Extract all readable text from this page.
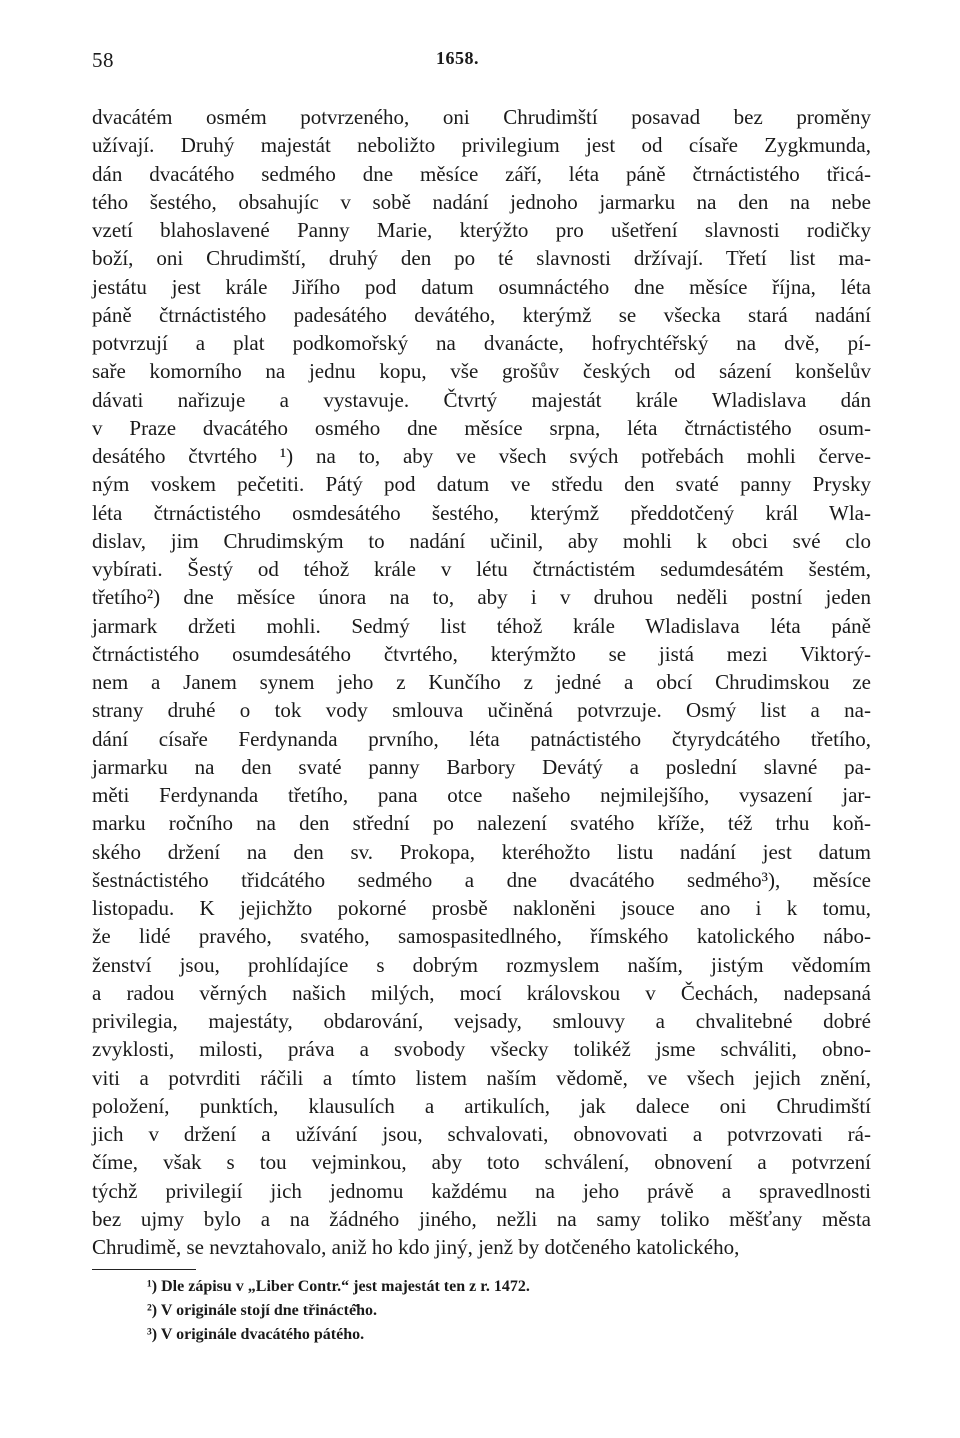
58	1658.
dvacátém osmém potvrzeného, oni Chrudimští posavad bez proměny
užívají. Druhý majestát neboližto privilegium jest od císaře Zygkmunda,
dán dvacátého sedmého dne měsíce září, léta páně čtrnáctistého třicá-
tého šestého, obsahujíc v sobě nadání jednoho jarmarku na den na nebe
vzetí blahoslavené Panny Marie, kterýžto pro ušetření slavnosti rodičky
boží, oni Chrudimští, druhý den po té slavnosti držívají. Třetí list ma-
jestátu jest krále Jiřího pod datum osumnáctého dne měsíce října, léta
páně čtrnáctistého padesátého devátého, kterýmž se všecka stará nadání
potvrzují a plat podkomořský na dvanácte, hofrychtéřský na dvě, pí-
saře komorního na jednu kopu, vše grošův českých od sázení konšelův
dávati nařizuje a vystavuje. Čtvrtý majestát krále Wladislava dán
v Praze dvacátého osmého dne měsíce srpna, léta čtrnáctistého osum-
desátého čtvrtého ¹) na to, aby ve všech svých potřebách mohli červe-
ným voskem pečetiti. Pátý pod datum ve středu den svaté panny Prysky
léta čtrnáctistého osmdesátého šestého, kterýmž předdotčený král Wla-
dislav, jim Chrudimským to nadání učinil, aby mohli k obci své clo
vybírati. Šestý od téhož krále v létu čtrnáctistém sedumdesátém šestém,
třetího²) dne měsíce února na to, aby i v druhou neděli postní jeden
jarmark držeti mohli. Sedmý list téhož krále Wladislava léta páně
čtrnáctistého osumdesátého čtvrtého, kterýmžto se jistá mezi Viktorý-
nem a Janem synem jeho z Kunčího z jedné a obcí Chrudimskou ze
strany druhé o tok vody smlouva učiněná potvrzuje. Osmý list a na-
dání císaře Ferdynanda prvního, léta patnáctistého čtyrydcátého třetího,
jarmarku na den svaté panny Barbory Devátý a poslední slavné pa-
měti Ferdynanda třetího, pana otce našeho nejmilejšího, vysazení jar-
marku ročního na den střední po nalezení svatého kříže, též trhu koň-
ského držení na den sv. Prokopa, kteréhožto listu nadání jest datum
šestnáctistého třidcátého sedmého a dne dvacátého sedmého³), měsíce
listopadu. K jejichžto pokorné prosbě nakloněni jsouce ano i k tomu,
že lidé pravého, svatého, samospasitedlného, římského katolického nábo-
ženství jsou, prohlídajíce s dobrým rozmyslem naším, jistým vědomím
a radou věrných našich milých, mocí královskou v Čechách, nadepsaná
privilegia, majestáty, obdarování, vejsady, smlouvy a chvalitebné dobré
zvyklosti, milosti, práva a svobody všecky tolikéž jsme schváliti, obno-
viti a potvrditi ráčili a tímto listem naším vědomě, ve všech jejich znění,
položení, punktích, klausulích a artikulích, jak dalece oni Chrudimští
jich v držení a užívání jsou, schvalovati, obnovovati a potvrzovati rá-
číme, však s tou vejminkou, aby toto schválení, obnovení a potvrzení
týchž privilegií jich jednomu každému na jeho právě a spravedlnosti
bez ujmy bylo a na žádného jiného, nežli na samy toliko měšťany města
Chrudimě, se nevztahovalo, aniž ho kdo jiný, jenž by dotčeného katolického,
¹) Dle zápisu v „Liber Contr.“ jest majestát ten z r. 1472.
²) V originále stojí dne třinácté̆ho.
³) V originále dvacátého pátého.
